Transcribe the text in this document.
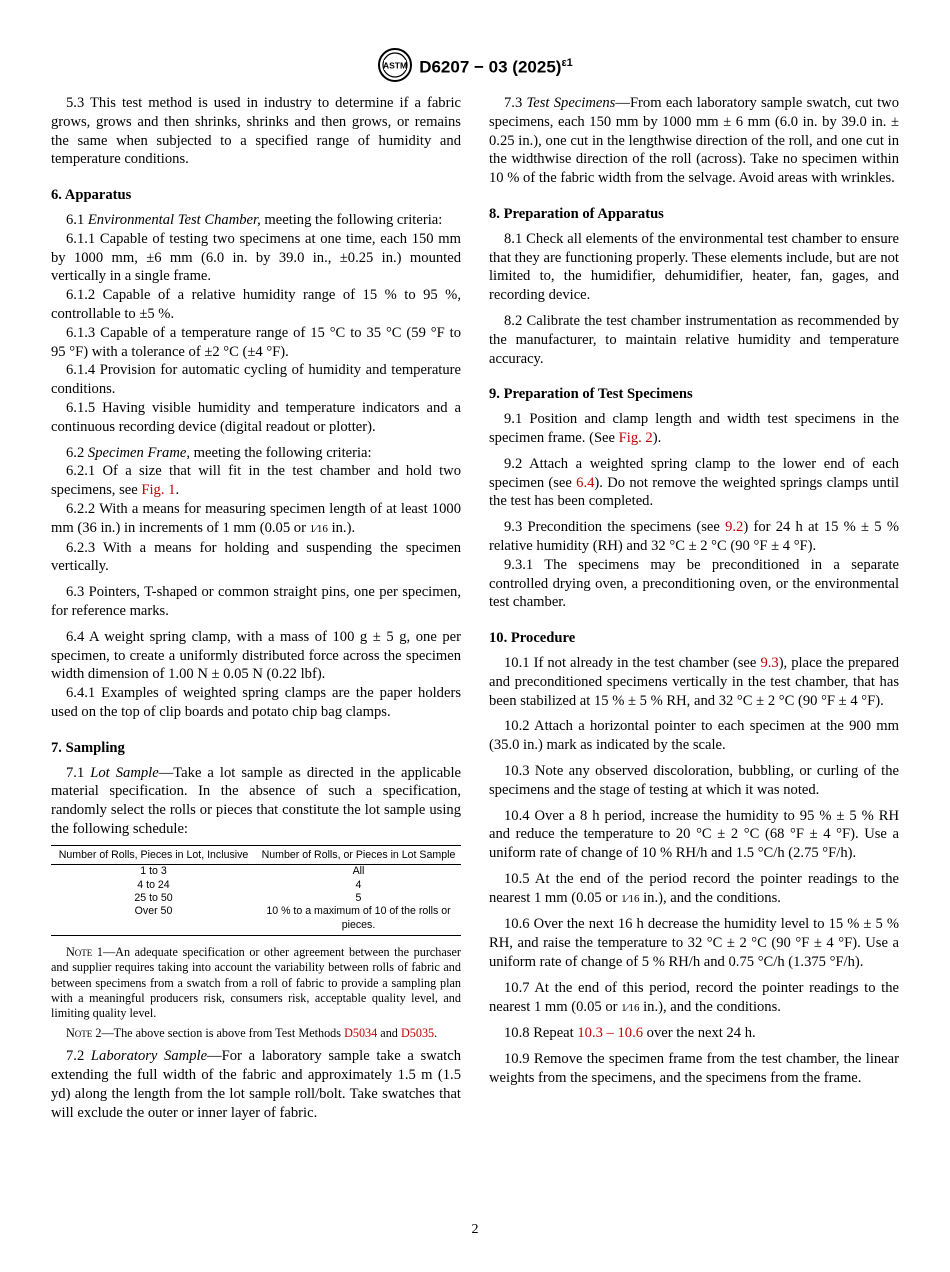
ASTM D6207 − 03 $(2025)^{\varepsilon 1}$

5.3 This test method is used in industry to determine if a fabric grows, grows and then shrinks, shrinks and then grows, or remains the same when subjected to a specified range of humidity and temperature conditions.

6. Apparatus

6.1 Environmental Test Chamber, meeting the following criteria:

6.1.1 Capable of testing two specimens at one time, each 150 mm by 1000 mm, ±6 mm (6.0 in. by 39.0 in., ±0.25 in.) mounted vertically in a single frame.

6.1.2 Capable of a relative humidity range of 15 % to 95 %, controllable to ±5 %.

6.1.3 Capable of a temperature range of 15 °C to 35 °C (59 °F to 95 °F) with a tolerance of ±2 °C (±4 °F).

6.1.4 Provision for automatic cycling of humidity and temperature conditions.

6.1.5 Having visible humidity and temperature indicators and a continuous recording device (digital readout or plotter).

6.2 Specimen Frame, meeting the following criteria:

6.2.1 Of a size that will fit in the test chamber and hold two specimens, see Fig. 1.

6.2.2 With a means for measuring specimen length of at least 1000 mm (36 in.) in increments of 1 mm (0.05 or 1⁄16 in.).

6.2.3 With a means for holding and suspending the specimen vertically.

6.3 Pointers, T-shaped or common straight pins, one per specimen, for reference marks.

6.4 A weight spring clamp, with a mass of 100 g ± 5 g, one per specimen, to create a uniformly distributed force across the specimen width dimension of 1.00 N ± 0.05 N (0.22 lbf).

6.4.1 Examples of weighted spring clamps are the paper holders used on the top of clip boards and potato chip bag clamps.

7. Sampling

7.1 Lot Sample—Take a lot sample as directed in the applicable material specification. In the absence of such a specification, randomly select the rolls or pieces that constitute the lot sample using the following schedule:

Number of Rolls, Pieces in Lot, Inclusive	Number of Rolls, or Pieces in Lot Sample
1 to 3	All
4 to 24	4
25 to 50	5
Over 50	10 % to a maximum of 10 of the rolls or pieces.

Note 1—An adequate specification or other agreement between the purchaser and supplier requires taking into account the variability between rolls of fabric and between specimens from a swatch from a roll of fabric to provide a sampling plan with a meaningful producers risk, consumers risk, acceptable quality level, and limiting quality level.

Note 2—The above section is above from Test Methods D5034 and D5035.

7.2 Laboratory Sample—For a laboratory sample take a swatch extending the full width of the fabric and approximately 1.5 m (1.5 yd) along the length from the lot sample roll/bolt. Take swatches that will exclude the outer or inner layer of fabric.

7.3 Test Specimens—From each laboratory sample swatch, cut two specimens, each 150 mm by 1000 mm ± 6 mm (6.0 in. by 39.0 in. ± 0.25 in.), one cut in the lengthwise direction of the roll, and one cut in the widthwise direction of the roll (across). Take no specimen within 10 % of the fabric width from the selvage. Avoid areas with wrinkles.

8. Preparation of Apparatus

8.1 Check all elements of the environmental test chamber to ensure that they are functioning properly. These elements include, but are not limited to, the humidifier, dehumidifier, heater, fan, gages, and recording device.

8.2 Calibrate the test chamber instrumentation as recommended by the manufacturer, to maintain relative humidity and temperature accuracy.

9. Preparation of Test Specimens

9.1 Position and clamp length and width test specimens in the specimen frame. (See Fig. 2).

9.2 Attach a weighted spring clamp to the lower end of each specimen (see 6.4). Do not remove the weighted springs clamps until the test has been completed.

9.3 Precondition the specimens (see 9.2) for 24 h at 15 % ± 5 % relative humidity (RH) and 32 °C ± 2 °C (90 °F ± 4 °F).

9.3.1 The specimens may be preconditioned in a separate controlled drying oven, a preconditioning oven, or the environmental test chamber.

10. Procedure

10.1 If not already in the test chamber (see 9.3), place the prepared and preconditioned specimens vertically in the test chamber, that has been stabilized at 15 % ± 5 % RH, and 32 °C ± 2 °C (90 °F ± 4 °F).

10.2 Attach a horizontal pointer to each specimen at the 900 mm (35.0 in.) mark as indicated by the scale.

10.3 Note any observed discoloration, bubbling, or curling of the specimens and the stage of testing at which it was noted.

10.4 Over a 8 h period, increase the humidity to 95 % ± 5 % RH and reduce the temperature to 20 °C ± 2 °C (68 °F ± 4 °F). Use a uniform rate of change of 10 % RH/h and 1.5 °C/h (2.75 °F/h).

10.5 At the end of the period record the pointer readings to the nearest 1 mm (0.05 or 1⁄16 in.), and the conditions.

10.6 Over the next 16 h decrease the humidity level to 15 % ± 5 % RH, and raise the temperature to 32 °C ± 2 °C (90 °F ± 4 °F). Use a uniform rate of change of 5 % RH/h and 0.75 °C/h (1.375 °F/h).

10.7 At the end of this period, record the pointer readings to the nearest 1 mm (0.05 or 1⁄16 in.), and the conditions.

10.8 Repeat 10.3 – 10.6 over the next 24 h.

10.9 Remove the specimen frame from the test chamber, the linear weights from the specimens, and the specimens from the frame.

2
